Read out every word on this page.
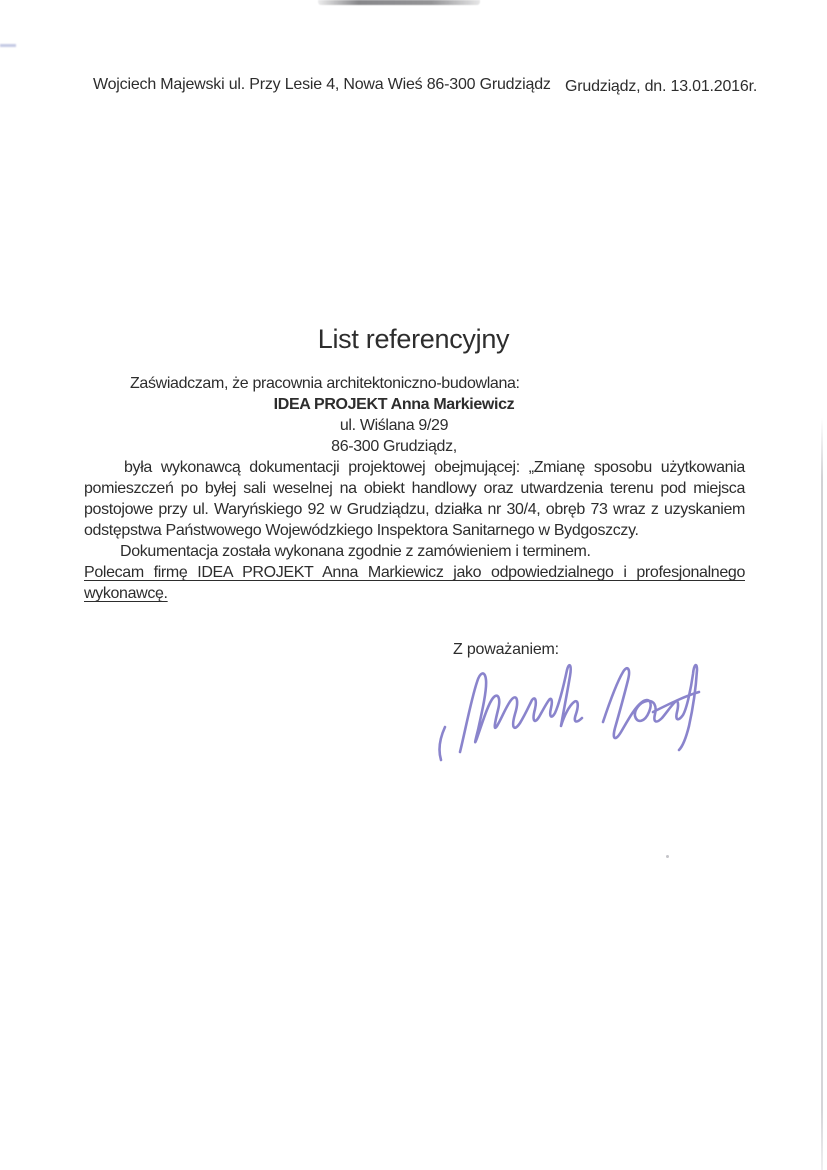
Wojciech Majewski ul. Przy Lesie 4, Nowa Wieś 86-300 Grudziądz Grudziądz, dn. 13.01.2016r.
List referencyjny
Zaświadczam, że pracownia architektoniczno-budowlana:
IDEA PROJEKT Anna Markiewicz
ul. Wiślana 9/29
86-300 Grudziądz,
była wykonawcą dokumentacji projektowej obejmującej: „Zmianę sposobu użytkowania
pomieszczeń po byłej sali weselnej na obiekt handlowy oraz utwardzenia terenu pod miejsca
postojowe przy ul. Waryńskiego 92 w Grudziądzu, działka nr 30/4, obręb 73 wraz z uzyskaniem
odstępstwa Państwowego Wojewódzkiego Inspektora Sanitarnego w Bydgoszczy.
Dokumentacja została wykonana zgodnie z zamówieniem i terminem.
Polecam firmę IDEA PROJEKT Anna Markiewicz jako odpowiedzialnego i profesjonalnego
wykonawcę.
Z poważaniem:
